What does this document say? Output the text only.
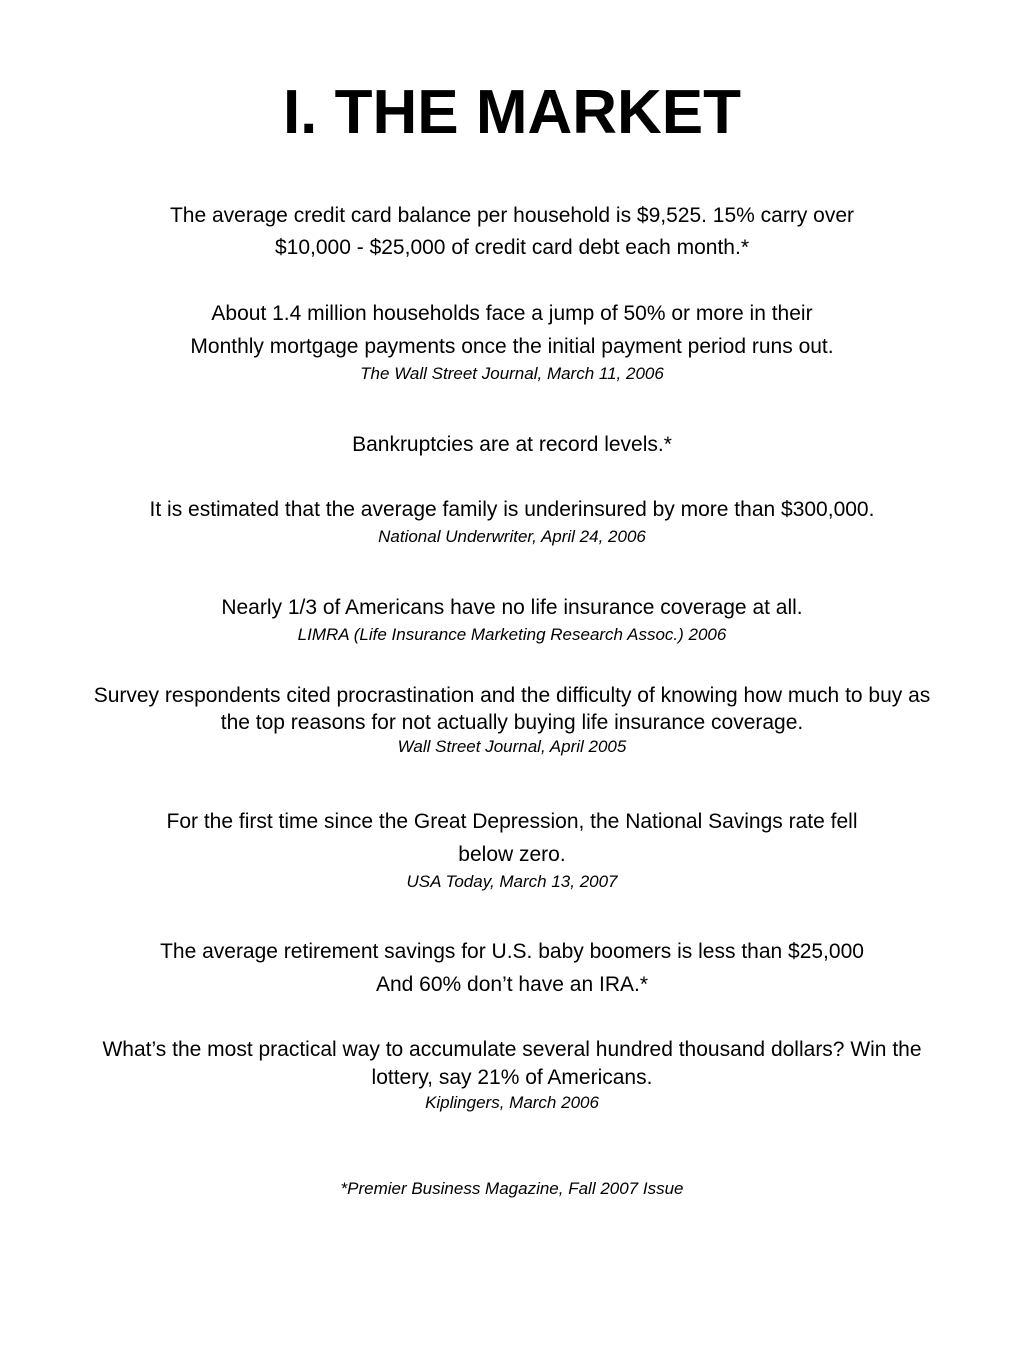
I. THE MARKET
The average credit card balance per household is $9,525. 15% carry over
$10,000 - $25,000 of credit card debt each month.*
About 1.4 million households face a jump of 50% or more in their
Monthly mortgage payments once the initial payment period runs out.
The Wall Street Journal, March 11, 2006
Bankruptcies are at record levels.*
It is estimated that the average family is underinsured by more than $300,000.
National Underwriter, April 24, 2006
Nearly 1/3 of Americans have no life insurance coverage at all.
LIMRA (Life Insurance Marketing Research Assoc.) 2006
Survey respondents cited procrastination and the difficulty of knowing how much to buy as
the top reasons for not actually buying life insurance coverage.
Wall Street Journal, April 2005
For the first time since the Great Depression, the National Savings rate fell
below zero.
USA Today, March 13, 2007
The average retirement savings for U.S. baby boomers is less than $25,000
And 60% don’t have an IRA.*
What’s the most practical way to accumulate several hundred thousand dollars? Win the
lottery, say 21% of Americans.
Kiplingers, March 2006
*Premier Business Magazine, Fall 2007 Issue
